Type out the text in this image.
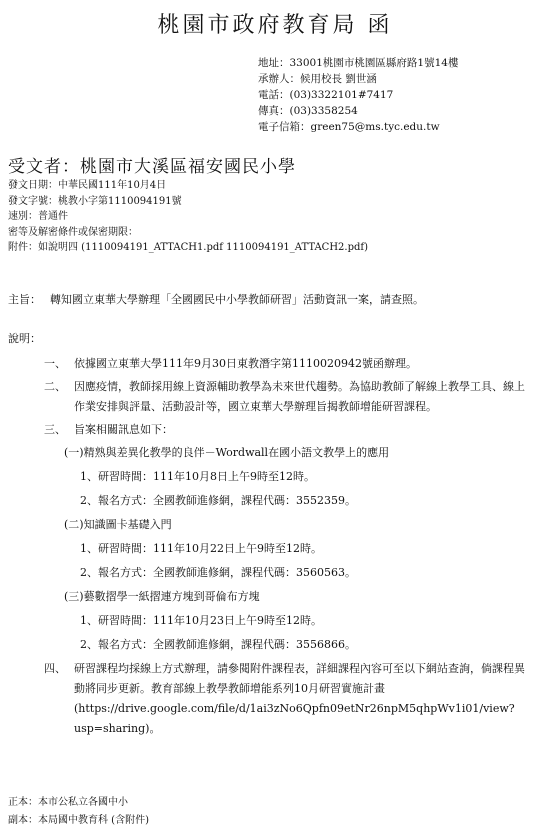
桃園市政府教育局 函
地址：33001桃園市桃園區縣府路1號14樓
承辦人：候用校長 劉世涵
電話：(03)3322101#7417
傳真：(03)3358254
電子信箱：green75@ms.tyc.edu.tw
受文者：桃園市大溪區福安國民小學
發文日期：中華民國111年10月4日
發文字號：桃教小字第1110094191號
速別：普通件
密等及解密條件或保密期限：
附件：如說明四 (1110094191_ATTACH1.pdf 1110094191_ATTACH2.pdf)
主旨： 轉知國立東華大學辦理「全國國民中小學教師研習」活動資訊一案，請查照。
說明：
一、 依據國立東華大學111年9月30日東教潛字第1110020942號函辦理。
二、 因應疫情，教師採用線上資源輔助教學為未來世代趨勢。為協助教師了解線上教學工具、線上作業安排與評量、活動設計等，國立東華大學辦理旨揭教師增能研習課程。
三、 旨案相關訊息如下：
(一)精熟與差異化教學的良伴－Wordwall在國小語文教學上的應用
1、研習時間：111年10月8日上午9時至12時。
2、報名方式：全國教師進修網，課程代碼：3552359。
(二)知識圖卡基礎入門
1、研習時間：111年10月22日上午9時至12時。
2、報名方式：全國教師進修網，課程代碼：3560563。
(三)藝數摺學一紙摺連方塊到哥倫布方塊
1、研習時間：111年10月23日上午9時至12時。
2、報名方式：全國教師進修網，課程代碼：3556866。
四、 研習課程均採線上方式辦理，請參閱附件課程表，詳細課程內容可至以下網站查詢，倘課程異動將同步更新。教育部線上教學教師增能系列10月研習實施計畫 (https://drive.google.com/file/d/1ai3zNo6Qpfn09etNr26npM5qhpWv1i01/view?usp=sharing)。
正本：本市公私立各國中小
副本：本局國中教育科 (含附件)
